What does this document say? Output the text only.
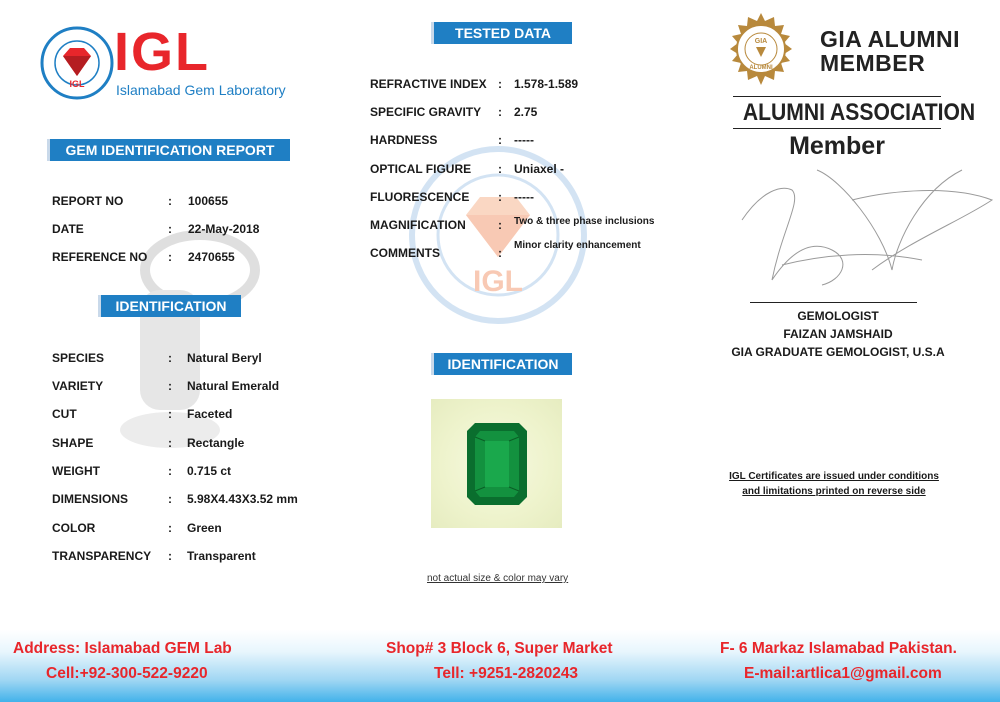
IGL
IGL
Islamabad Gem Laboratory
GEM IDENTIFICATION REPORT
REPORT NO	: 100655
DATE	: 22-May-2018
REFERENCE NO : 2470655
IDENTIFICATION
SPECIES	: Natural Beryl
VARIETY	: Natural Emerald
CUT	: Faceted
SHAPE	: Rectangle
WEIGHT	: 0.715 ct
DIMENSIONS	: 5.98X4.43X3.52 mm
COLOR	: Green
TRANSPARENCY : Transparent
IGL
TESTED DATA
REFRACTIVE INDEX : 1.578-1.589
SPECIFIC GRAVITY : 2.75
HARDNESS	: -----
OPTICAL FIGURE : Uniaxel -
FLUORESCENCE : -----
MAGNIFICATION	: Two & three phase inclusions
COMMENTS	:
Minor clarity enhancement
IDENTIFICATION
not actual size & color may vary
GIA
ALUMNI
GIA ALUMNI
MEMBER
ALUMNI ASSOCIATION
Member
GEMOLOGIST
FAIZAN JAMSHAID
GIA GRADUATE GEMOLOGIST, U.S.A
IGL Certificates are issued under conditions
and limitations printed on reverse side
Address: Islamabad GEM Lab	Shop# 3 Block 6, Super Market	F- 6 Markaz Islamabad Pakistan.
Cell:+92-300-522-9220	Tell: +9251-2820243	E-mail:artlica1@gmail.com
